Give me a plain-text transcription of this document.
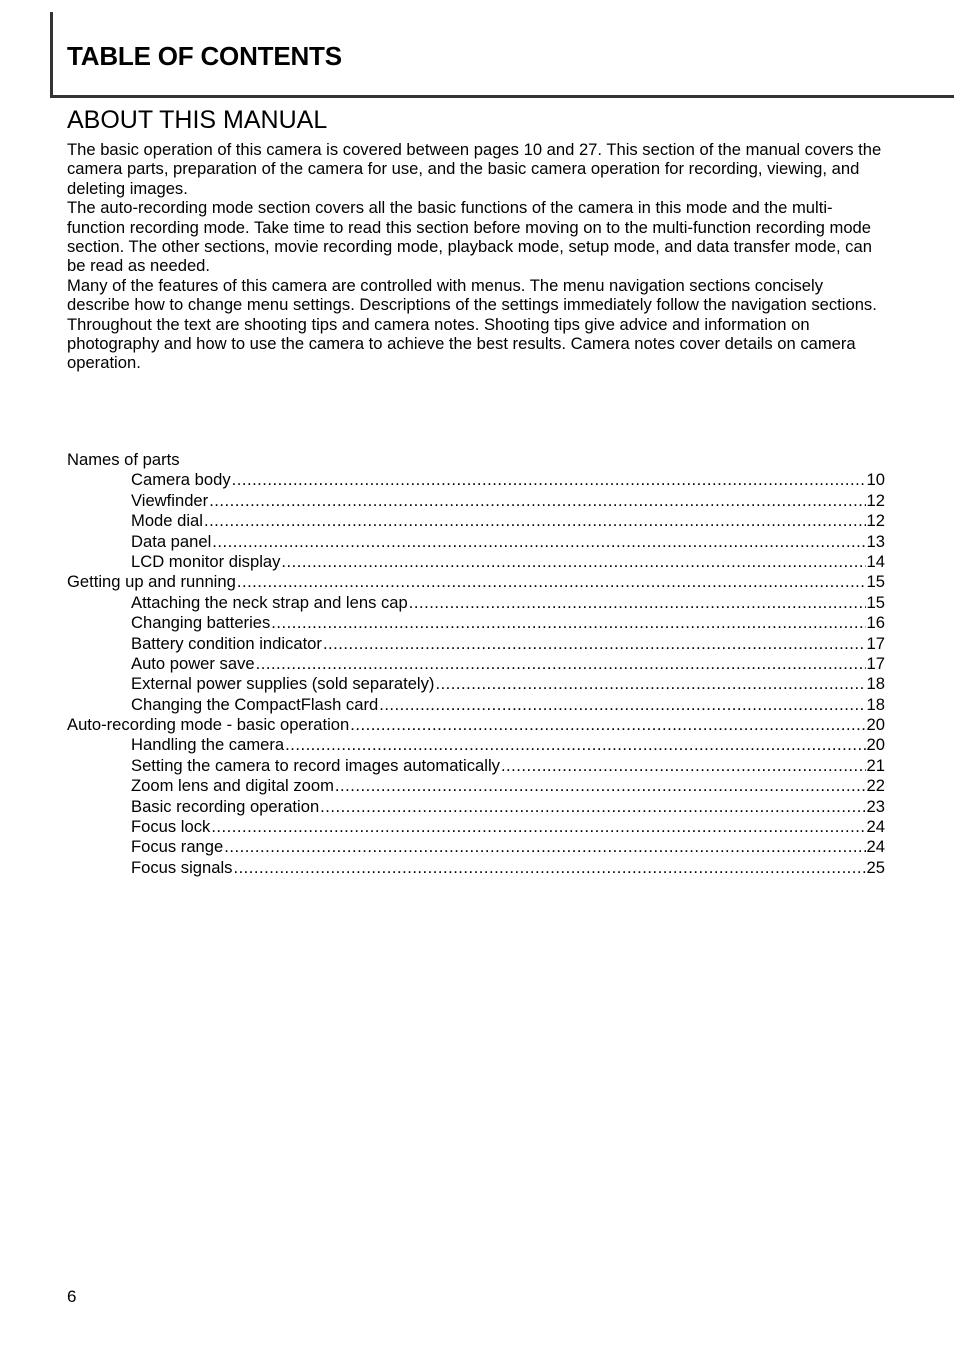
TABLE OF CONTENTS
ABOUT THIS MANUAL

The basic operation of this camera is covered between pages 10 and 27. This section of the manual covers the camera parts, preparation of the camera for use, and the basic camera operation for recording, viewing, and deleting images.

The auto-recording mode section covers all the basic functions of the camera in this mode and the multi-function recording mode. Take time to read this section before moving on to the multi-function recording mode section. The other sections, movie recording mode, playback mode, setup mode, and data transfer mode, can be read as needed.

Many of the features of this camera are controlled with menus. The menu navigation sections concisely describe how to change menu settings. Descriptions of the settings immediately follow the navigation sections.

Throughout the text are shooting tips and camera notes. Shooting tips give advice and information on photography and how to use the camera to achieve the best results. Camera notes cover details on camera operation.

Names of parts
Camera body .....	10
Viewfinder .....	12
Mode dial .....	12
Data panel .....	13
LCD monitor display .....	14
Getting up and running .....	15
Attaching the neck strap and lens cap .....	15
Changing batteries .....	16
Battery condition indicator .....	17
Auto power save .....	17
External power supplies (sold separately) .....	18
Changing the CompactFlash card .....	18
Auto-recording mode - basic operation .....	20
Handling the camera .....	20
Setting the camera to record images automatically .....	21
Zoom lens and digital zoom .....	22
Basic recording operation .....	23
Focus lock .....	24
Focus range .....	24
Focus signals .....	25
6
